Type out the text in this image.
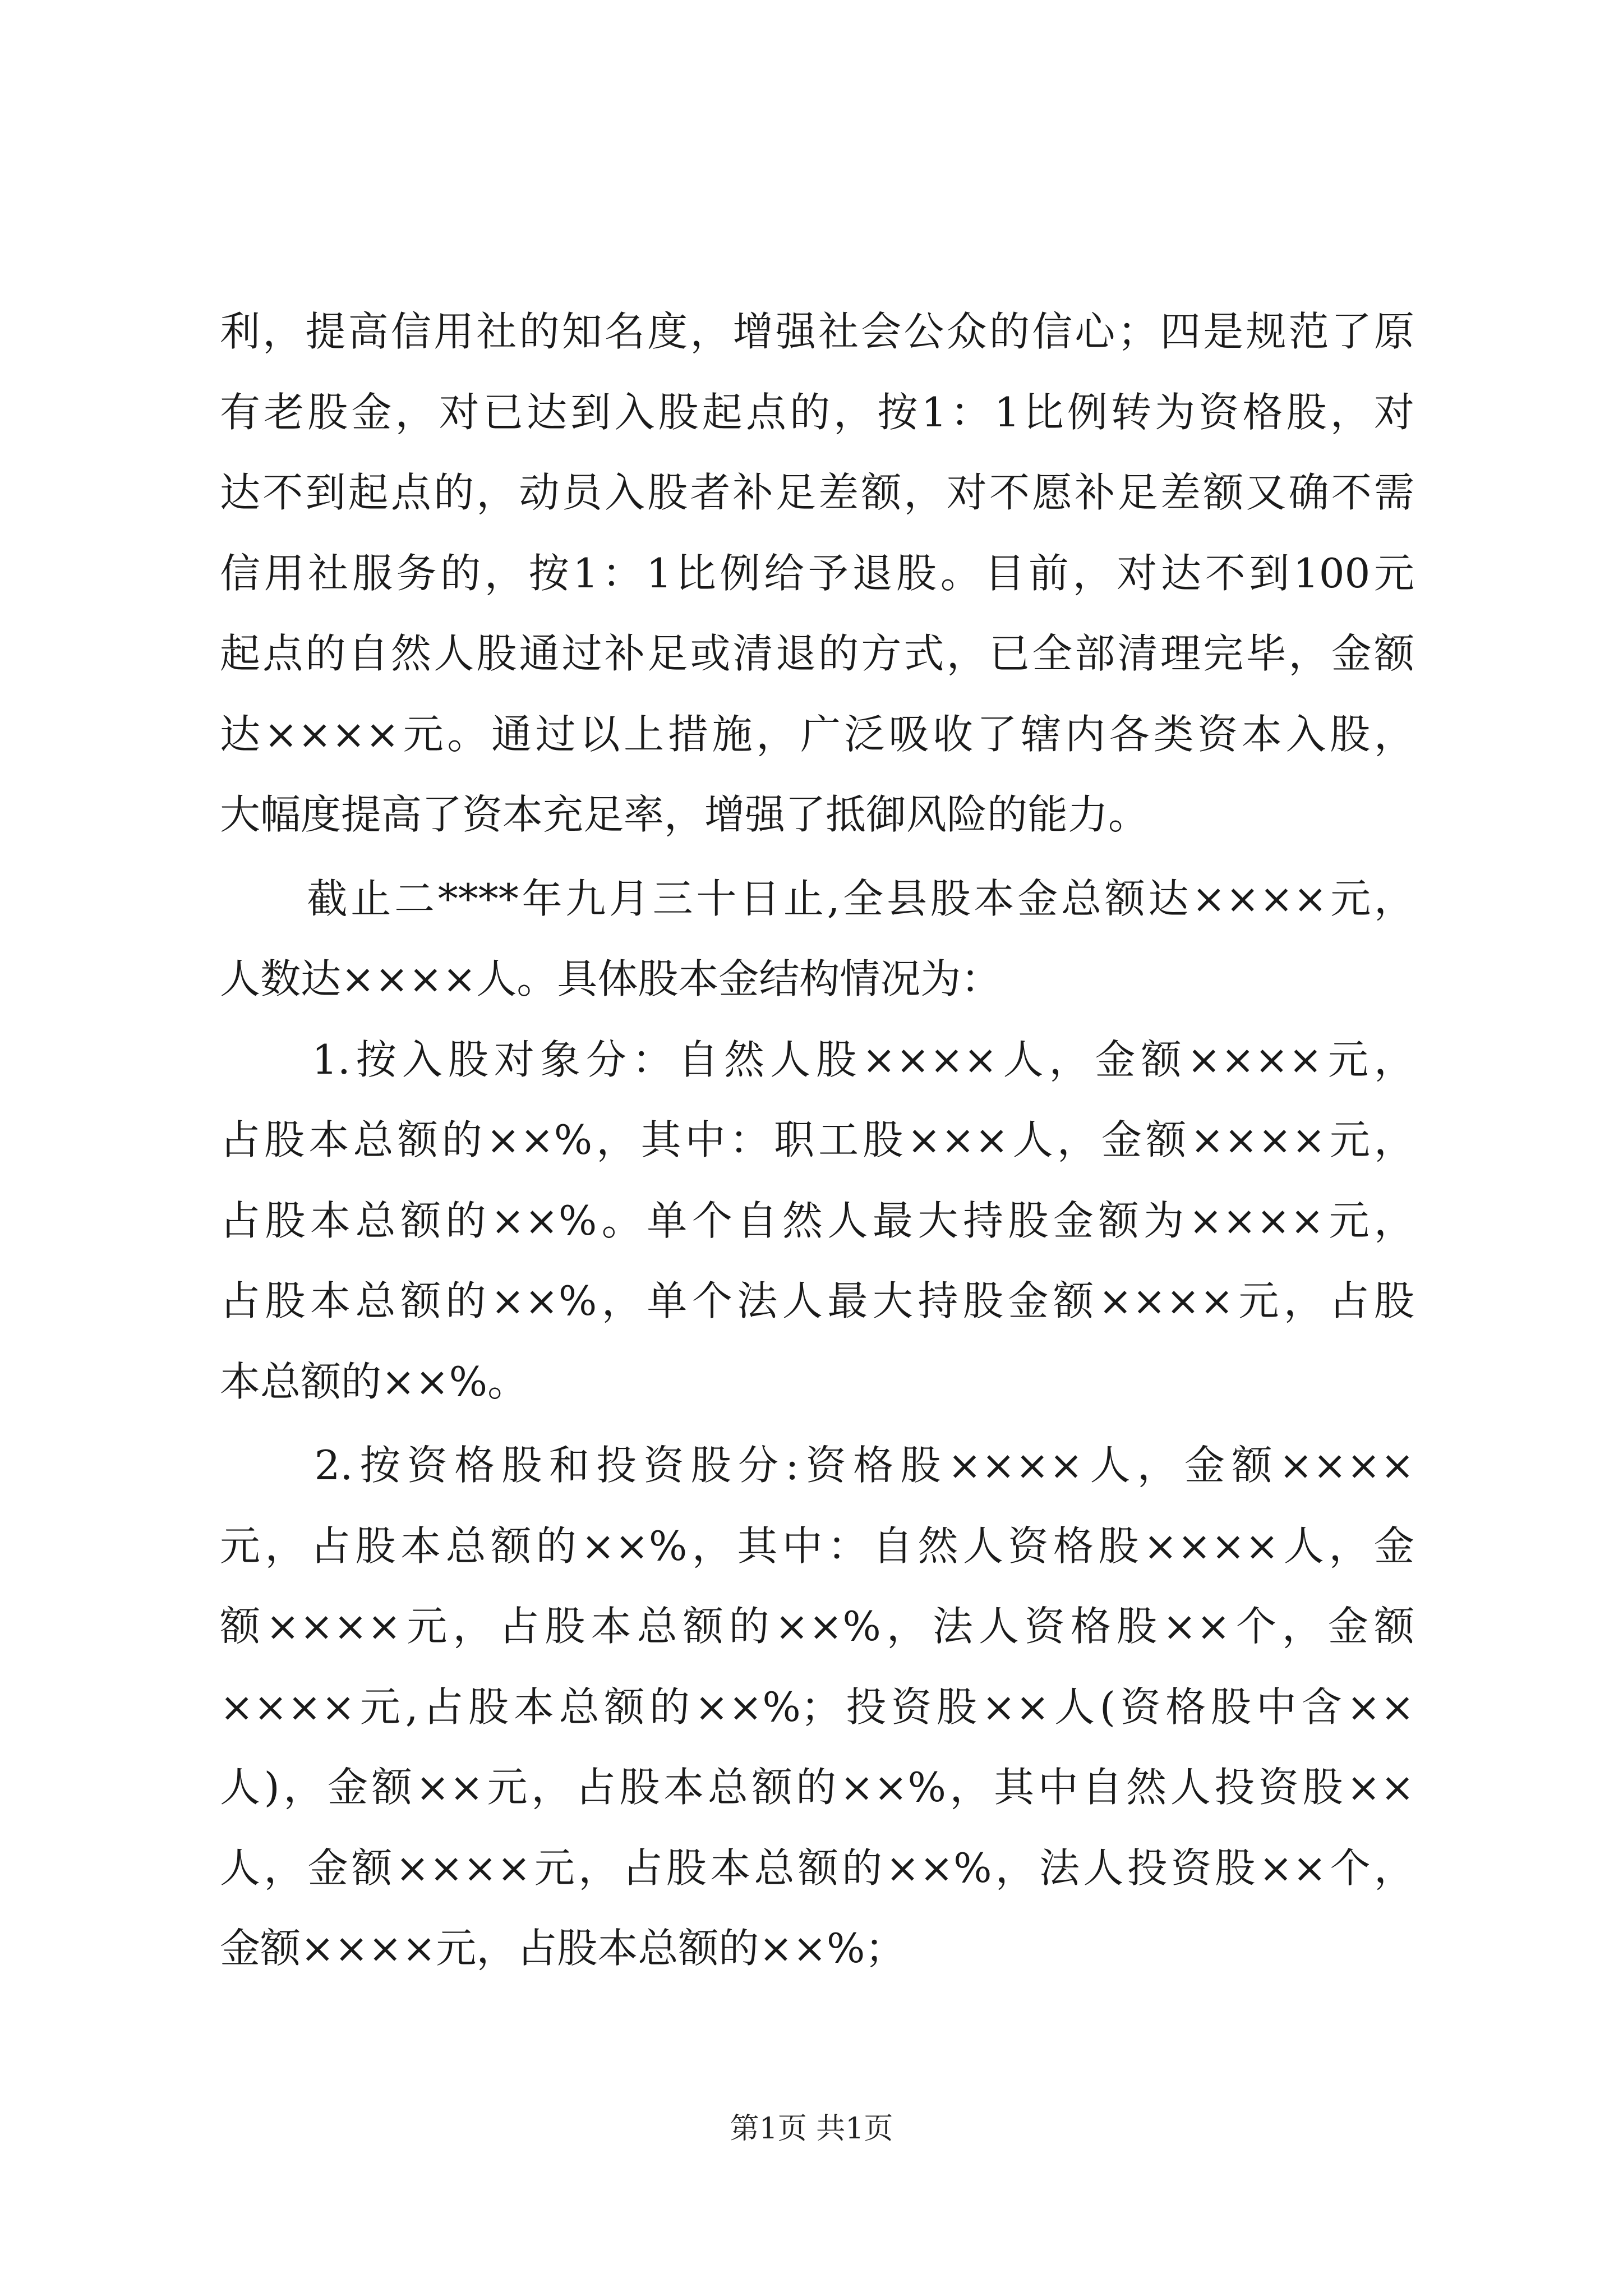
利，提高信用社的知名度，增强社会公众的信心；四是规范了原
有老股金，对已达到入股起点的，按1：1比例转为资格股，对
达不到起点的，动员入股者补足差额，对不愿补足差额又确不需
信用社服务的，按1：1比例给予退股。目前，对达不到100元
起点的自然人股通过补足或清退的方式，已全部清理完毕，金额
达××××元。通过以上措施，广泛吸收了辖内各类资本入股，
大幅度提高了资本充足率，增强了抵御风险的能力。
　　截止二****年九月三十日止,全县股本金总额达××××元，
人数达××××人。具体股本金结构情况为：
　　1.按入股对象分：自然人股××××人，金额××××元，
占股本总额的××%，其中：职工股×××人，金额××××元，
占股本总额的××%。单个自然人最大持股金额为××××元，
占股本总额的××%，单个法人最大持股金额××××元，占股
本总额的××%。
　　2.按资格股和投资股分:资格股××××人，金额××××
元，占股本总额的××%，其中：自然人资格股××××人，金
额××××元，占股本总额的××%，法人资格股××个，金额
××××元,占股本总额的××%；投资股××人(资格股中含××
人)，金额××元，占股本总额的××%，其中自然人投资股××
人，金额××××元，占股本总额的××%，法人投资股××个，
金额××××元，占股本总额的××%；
第1页 共1页
